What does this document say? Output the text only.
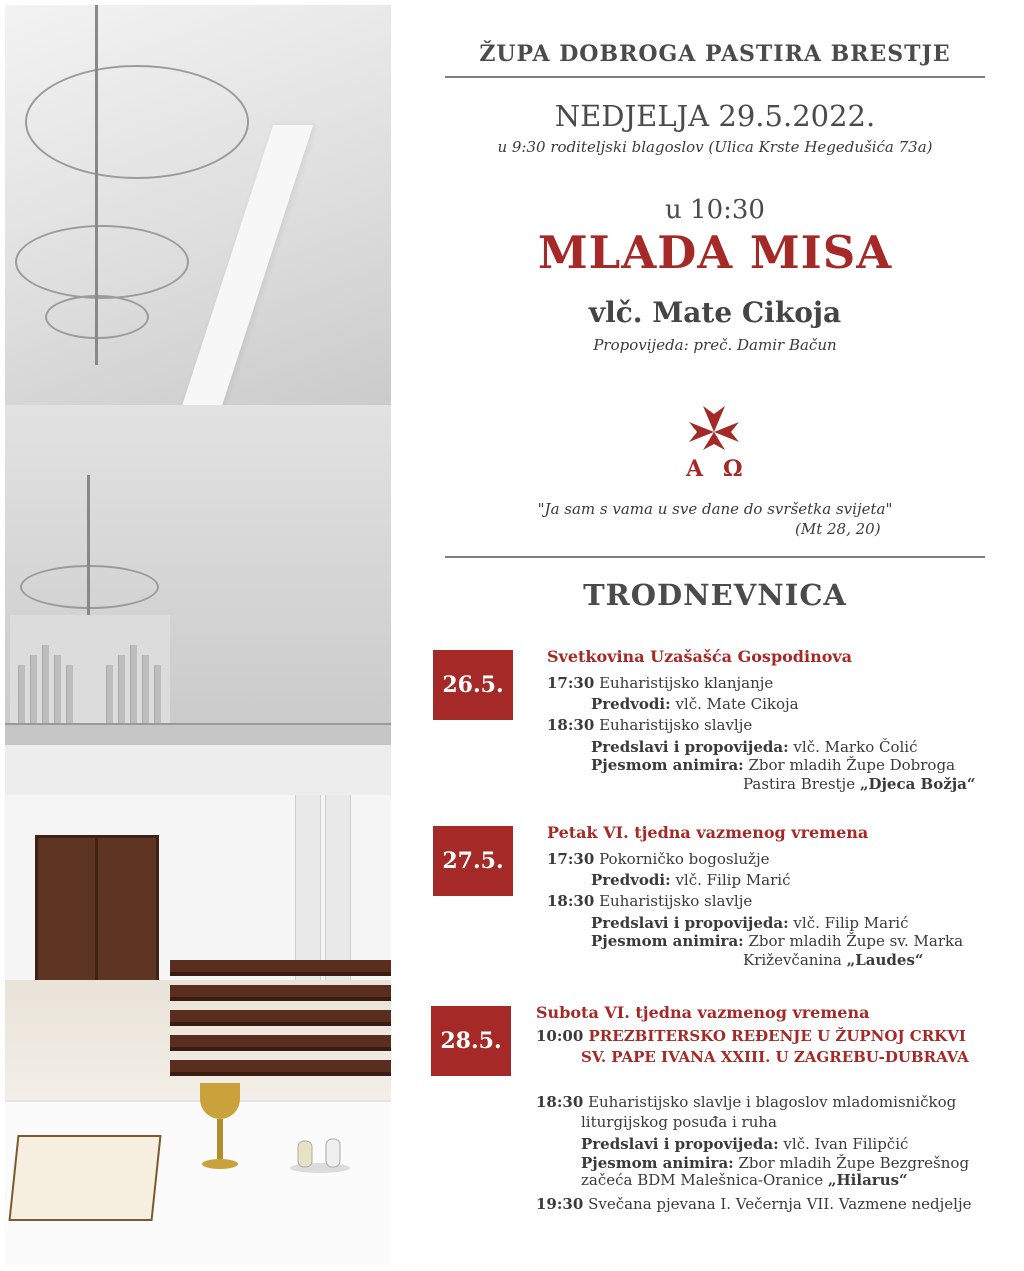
ŽUPA DOBROGA PASTIRA BRESTJE
NEDJELJA 29.5.2022.
u 9:30 roditeljski blagoslov (Ulica Krste Hegedušića 73a)
u 10:30
MLADA MISA
vlč. Mate Cikoja
Propovijeda: preč. Damir Bačun
A Ω
"Ja sam s vama u sve dane do svršetka svijeta"
(Mt 28, 20)
TRODNEVNICA
26.5.
Svetkovina Uzašašća Gospodinova
17:30 Euharistijsko klanjanje
Predvodi: vlč. Mate Cikoja
18:30 Euharistijsko slavlje
Predslavi i propovijeda: vlč. Marko Čolić
Pjesmom animira: Zbor mladih Župe Dobroga
Pastira Brestje „Djeca Božja“
27.5.
Petak VI. tjedna vazmenog vremena
17:30 Pokorničko bogoslužje
Predvodi: vlč. Filip Marić
18:30 Euharistijsko slavlje
Predslavi i propovijeda: vlč. Filip Marić
Pjesmom animira: Zbor mladih Župe sv. Marka
Križevčanina „Laudes“
28.5.
Subota VI. tjedna vazmenog vremena
10:00 PREZBITERSKO REĐENJE U ŽUPNOJ CRKVI
SV. PAPE IVANA XXIII. U ZAGREBU-DUBRAVA
18:30 Euharistijsko slavlje i blagoslov mladomisničkog
liturgijskog posuđa i ruha
Predslavi i propovijeda: vlč. Ivan Filipčić
Pjesmom animira: Zbor mladih Župe Bezgrešnog
začeća BDM Malešnica-Oranice „Hilarus“
19:30 Svečana pjevana I. Večernja VII. Vazmene nedjelje
